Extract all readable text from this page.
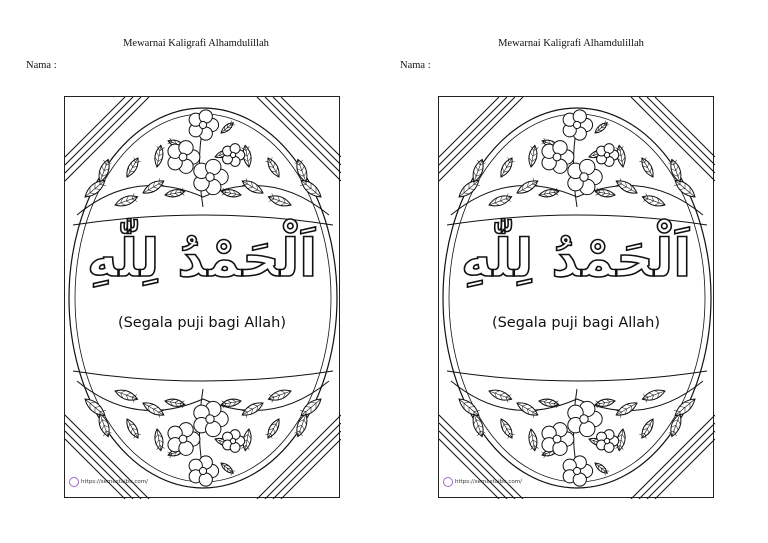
Mewarnai Kaligrafi Alhamdulillah
Nama :
اَلْحَمْدُ لِلّٰهِ
(Segala puji bagi Allah)
https://semestaibu.com/
Mewarnai Kaligrafi Alhamdulillah
Nama :
اَلْحَمْدُ لِلّٰهِ
(Segala puji bagi Allah)
https://semestaibu.com/
